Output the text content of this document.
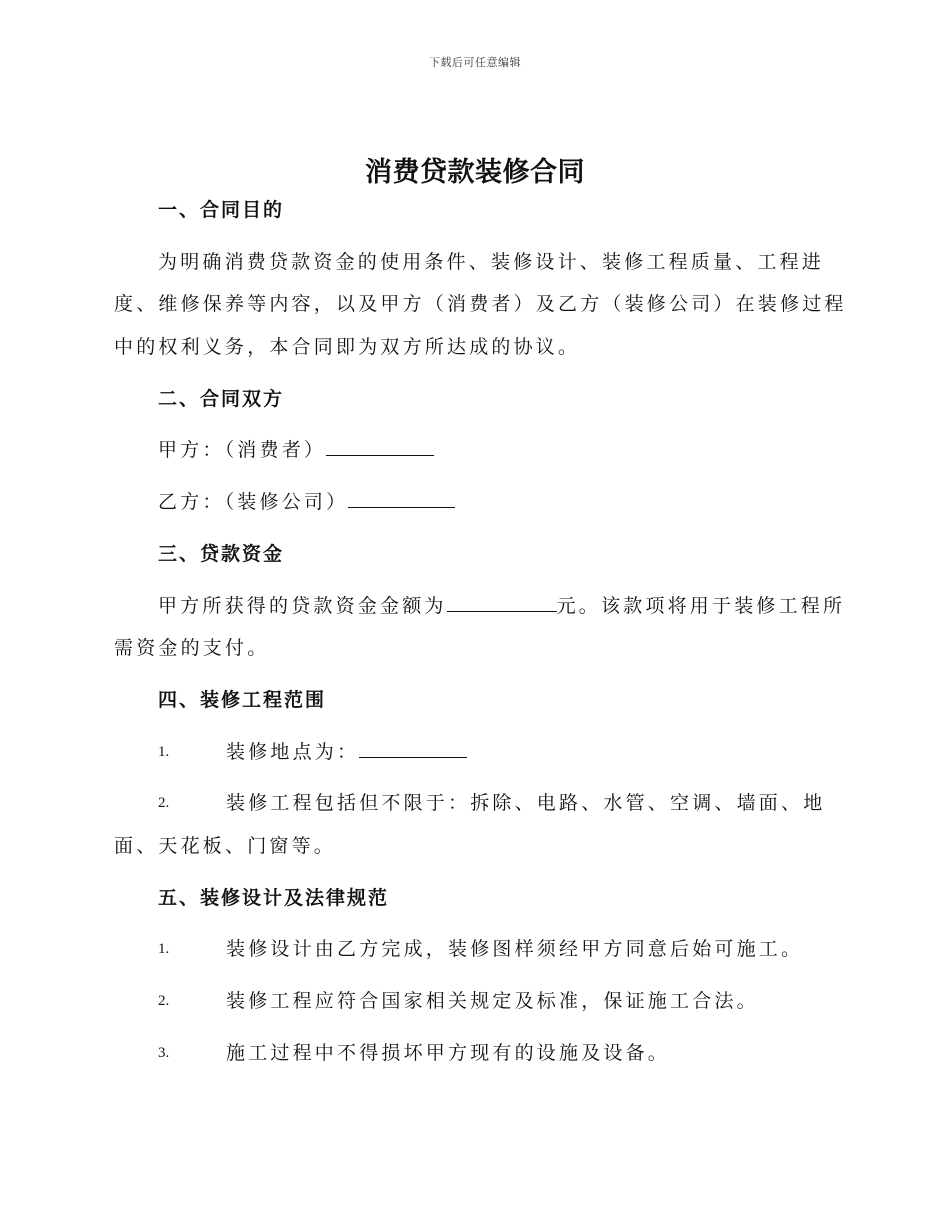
下载后可任意编辑
消费贷款装修合同
一、合同目的
为明确消费贷款资金的使用条件、装修设计、装修工程质量、工程进
度、维修保养等内容，以及甲方（消费者）及乙方（装修公司）在装修过程
中的权利义务，本合同即为双方所达成的协议。
二、合同双方
甲方：（消费者）
乙方：（装修公司）
三、贷款资金
甲方所获得的贷款资金金额为	元。该款项将用于装修工程所
需资金的支付。
四、装修工程范围
1.	装修地点为：
2.	装修工程包括但不限于：拆除、电路、水管、空调、墙面、地
面、天花板、门窗等。
五、装修设计及法律规范
1.	装修设计由乙方完成，装修图样须经甲方同意后始可施工。
2.	装修工程应符合国家相关规定及标准，保证施工合法。
3.	施工过程中不得损坏甲方现有的设施及设备。
